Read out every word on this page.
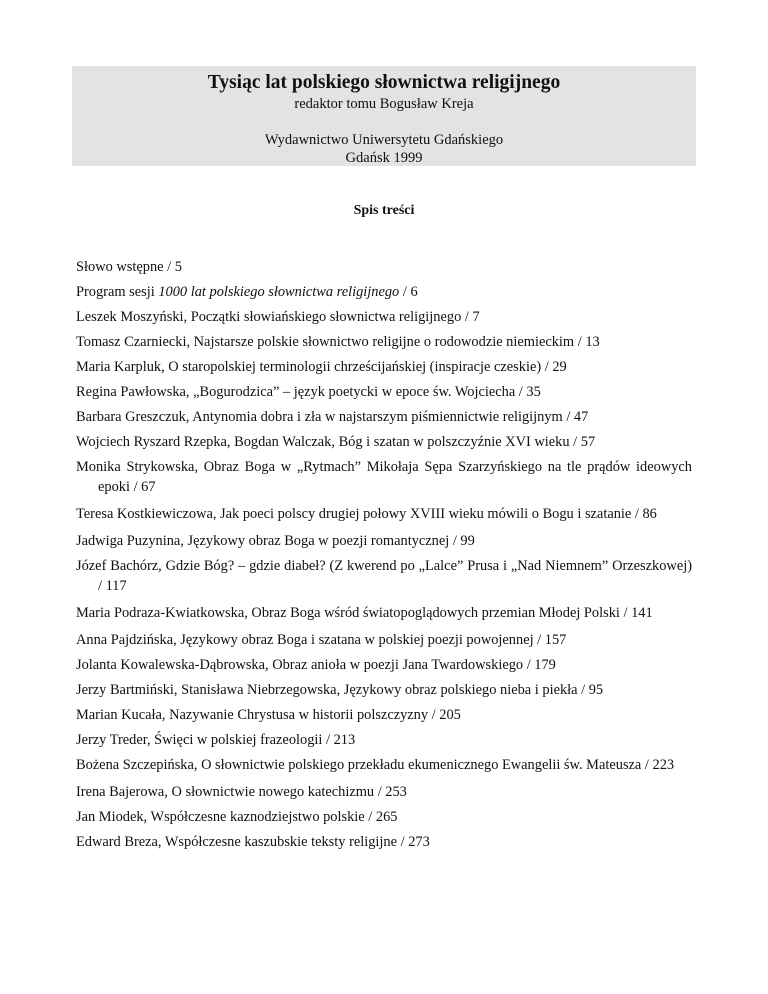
Tysiąc lat polskiego słownictwa religijnego
redaktor tomu Bogusław Kreja
Wydawnictwo Uniwersytetu Gdańskiego
Gdańsk 1999
Spis treści
Słowo wstępne / 5
Program sesji 1000 lat polskiego słownictwa religijnego / 6
Leszek Moszyński, Początki słowiańskiego słownictwa religijnego / 7
Tomasz Czarniecki, Najstarsze polskie słownictwo religijne o rodowodzie niemieckim / 13
Maria Karpluk, O staropolskiej terminologii chrześcijańskiej (inspiracje czeskie) / 29
Regina Pawłowska, „Bogurodzica” – język poetycki w epoce św. Wojciecha / 35
Barbara Greszczuk, Antynomia dobra i zła w najstarszym piśmiennictwie religijnym / 47
Wojciech Ryszard Rzepka, Bogdan Walczak, Bóg i szatan w polszczyźnie XVI wieku / 57
Monika Strykowska, Obraz Boga w „Rytmach” Mikołaja Sępa Szarzyńskiego na tle prądów ideowych epoki / 67
Teresa Kostkiewiczowa, Jak poeci polscy drugiej połowy XVIII wieku mówili o Bogu i szatanie / 86
Jadwiga Puzynina, Językowy obraz Boga w poezji romantycznej / 99
Józef Bachórz, Gdzie Bóg? – gdzie diabeł? (Z kwerend po „Lalce” Prusa i „Nad Niemnem” Orzeszkowej) / 117
Maria Podraza-Kwiatkowska, Obraz Boga wśród światopoglądowych przemian Młodej Polski / 141
Anna Pajdzińska, Językowy obraz Boga i szatana w polskiej poezji powojennej / 157
Jolanta Kowalewska-Dąbrowska, Obraz anioła w poezji Jana Twardowskiego / 179
Jerzy Bartmiński, Stanisława Niebrzegowska, Językowy obraz polskiego nieba i piekła / 95
Marian Kucała, Nazywanie Chrystusa w historii polszczyzny / 205
Jerzy Treder, Święci w polskiej frazeologii / 213
Bożena Szczepińska, O słownictwie polskiego przekładu ekumenicznego Ewangelii św. Mateusza / 223
Irena Bajerowa, O słownictwie nowego katechizmu / 253
Jan Miodek, Współczesne kaznodziejstwo polskie / 265
Edward Breza, Współczesne kaszubskie teksty religijne / 273
